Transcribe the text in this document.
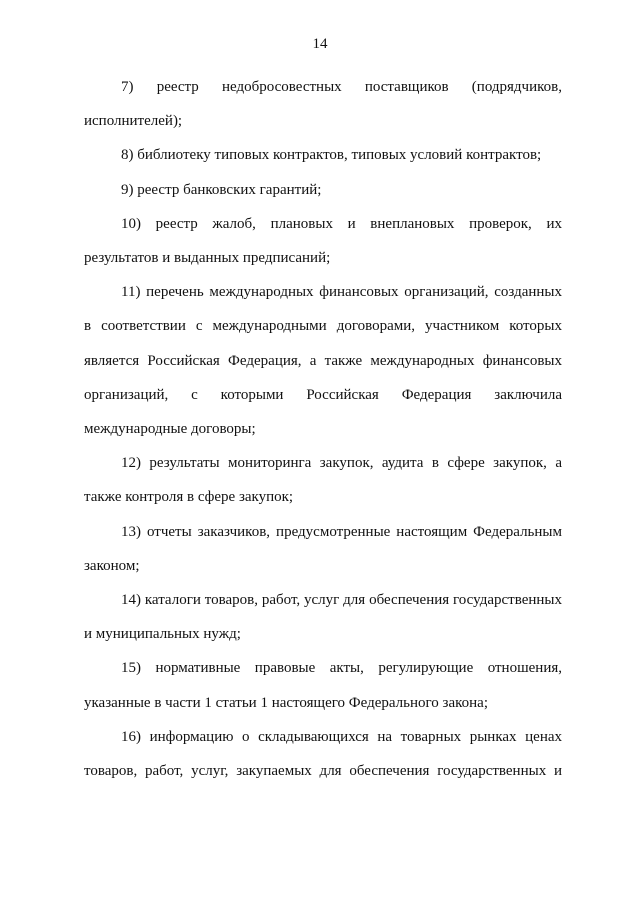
14

7) реестр недобросовестных поставщиков (подрядчиков, исполнителей);

8) библиотеку типовых контрактов, типовых условий контрактов;

9) реестр банковских гарантий;

10) реестр жалоб, плановых и внеплановых проверок, их результатов и выданных предписаний;

11) перечень международных финансовых организаций, созданных в соответствии с международными договорами, участником которых является Российская Федерация, а также международных финансовых организаций, с которыми Российская Федерация заключила международные договоры;

12) результаты мониторинга закупок, аудита в сфере закупок, а также контроля в сфере закупок;

13) отчеты заказчиков, предусмотренные настоящим Федеральным законом;

14) каталоги товаров, работ, услуг для обеспечения государственных и муниципальных нужд;

15) нормативные правовые акты, регулирующие отношения, указанные в части 1 статьи 1 настоящего Федерального закона;

16) информацию о складывающихся на товарных рынках ценах товаров, работ, услуг, закупаемых для обеспечения государственных и
